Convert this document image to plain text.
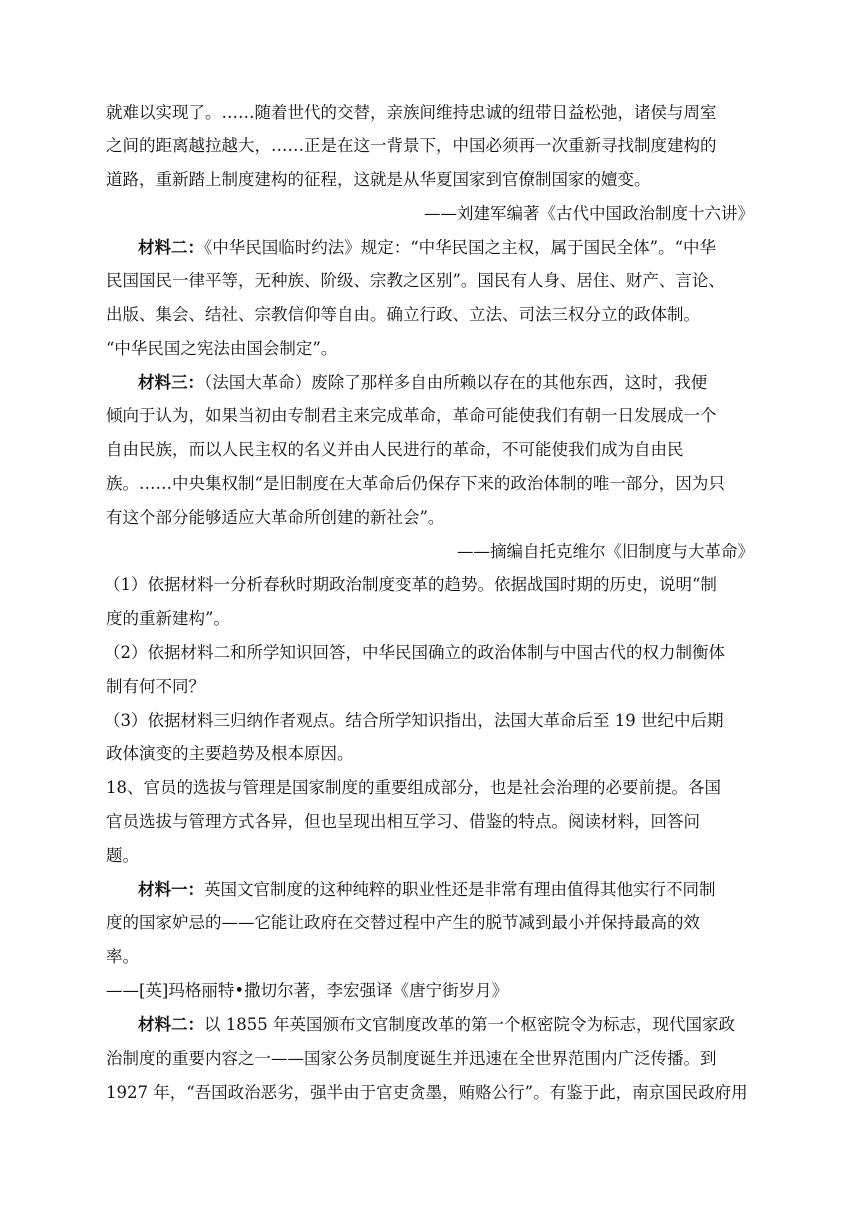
就难以实现了。……随着世代的交替，亲族间维持忠诚的纽带日益松弛，诸侯与周室
之间的距离越拉越大，……正是在这一背景下，中国必须再一次重新寻找制度建构的
道路，重新踏上制度建构的征程，这就是从华夏国家到官僚制国家的嬗变。
——刘建军编著《古代中国政治制度十六讲》
材料二：《中华民国临时约法》规定：“中华民国之主权，属于国民全体”。“中华
民国国民一律平等，无种族、阶级、宗教之区别”。国民有人身、居住、财产、言论、
出版、集会、结社、宗教信仰等自由。确立行政、立法、司法三权分立的政体制。
“中华民国之宪法由国会制定”。
材料三：（法国大革命）废除了那样多自由所赖以存在的其他东西，这时，我便
倾向于认为，如果当初由专制君主来完成革命，革命可能使我们有朝一日发展成一个
自由民族，而以人民主权的名义并由人民进行的革命，不可能使我们成为自由民
族。……中央集权制“是旧制度在大革命后仍保存下来的政治体制的唯一部分，因为只
有这个部分能够适应大革命所创建的新社会”。
——摘编自托克维尔《旧制度与大革命》
（1）依据材料一分析春秋时期政治制度变革的趋势。依据战国时期的历史，说明“制
度的重新建构”。
（2）依据材料二和所学知识回答，中华民国确立的政治体制与中国古代的权力制衡体
制有何不同？
（3）依据材料三归纳作者观点。结合所学知识指出，法国大革命后至 19 世纪中后期
政体演变的主要趋势及根本原因。
18、官员的选拔与管理是国家制度的重要组成部分，也是社会治理的必要前提。各国
官员选拔与管理方式各异，但也呈现出相互学习、借鉴的特点。阅读材料，回答问
题。
材料一：英国文官制度的这种纯粹的职业性还是非常有理由值得其他实行不同制
度的国家妒忌的——它能让政府在交替过程中产生的脱节减到最小并保持最高的效
率。
——[英]玛格丽特•撒切尔著，李宏强译《唐宁街岁月》
材料二：以 1855 年英国颁布文官制度改革的第一个枢密院令为标志，现代国家政
治制度的重要内容之一——国家公务员制度诞生并迅速在全世界范围内广泛传播。到
1927 年，“吾国政治恶劣，强半由于官吏贪墨，贿赂公行”。有鉴于此，南京国民政府用
